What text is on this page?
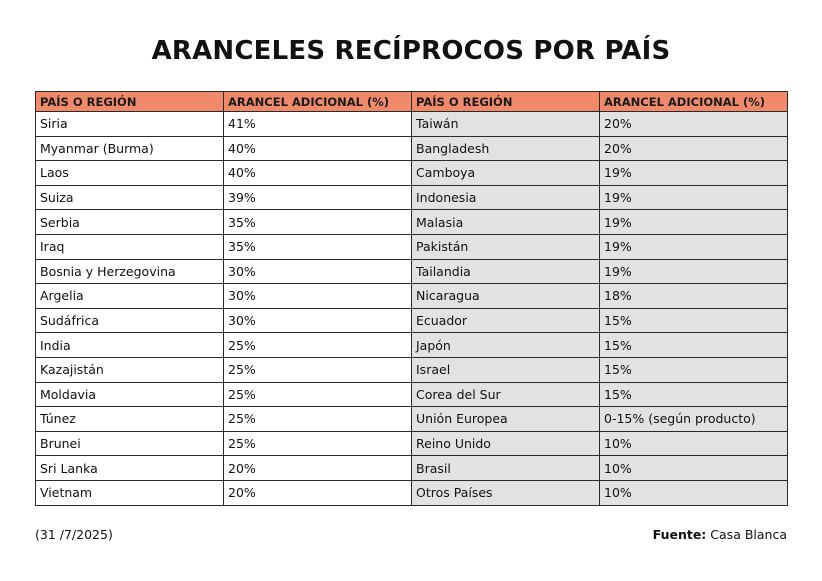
ARANCELES RECÍPROCOS POR PAÍS
PAÍS O REGIÓN	ARANCEL ADICIONAL (%)	PAÍS O REGIÓN	ARANCEL ADICIONAL (%)
Siria	41%	Taiwán	20%
Myanmar (Burma)	40%	Bangladesh	20%
Laos	40%	Camboya	19%
Suiza	39%	Indonesia	19%
Serbia	35%	Malasia	19%
Iraq	35%	Pakistán	19%
Bosnia y Herzegovina	30%	Tailandia	19%
Argelia	30%	Nicaragua	18%
Sudáfrica	30%	Ecuador	15%
India	25%	Japón	15%
Kazajistán	25%	Israel	15%
Moldavia	25%	Corea del Sur	15%
Túnez	25%	Unión Europea	0-15% (según producto)
Brunei	25%	Reino Unido	10%
Sri Lanka	20%	Brasil	10%
Vietnam	20%	Otros Países	10%
(31 /7/2025)	Fuente: Casa Blanca
